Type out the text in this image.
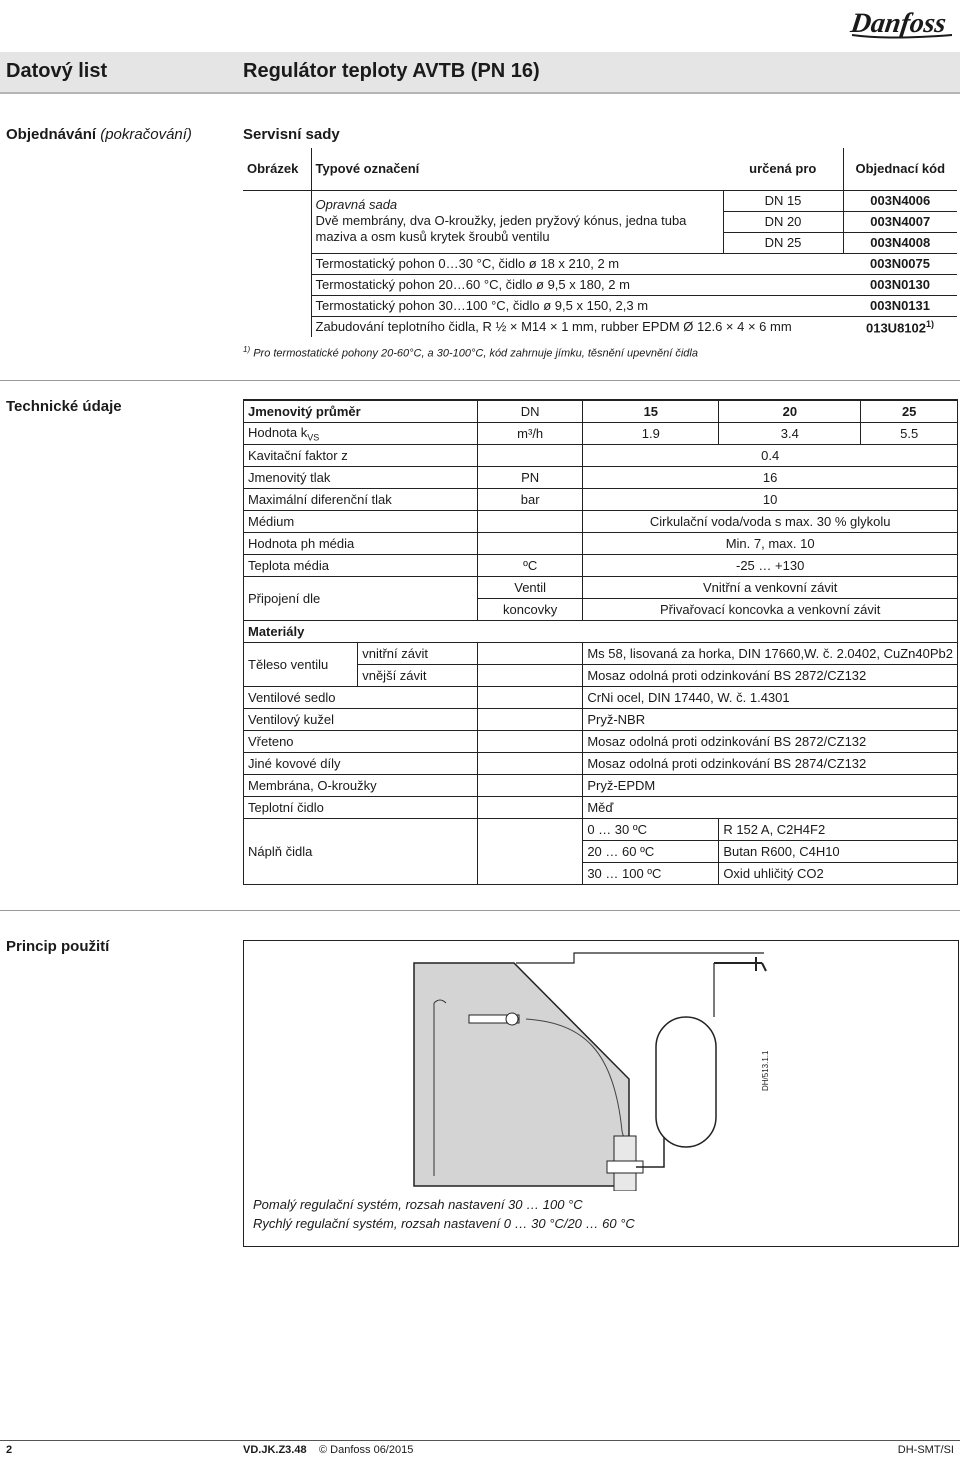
Danfoss
Datový list	Regulátor teploty AVTB (PN 16)
Objednávání (pokračování)	Servisní sady
Obrázek	Typové označení	určená pro	Objednací kód

	Opravná sada
Dvě membrány, dva O-kroužky, jeden pryžový kónus, jedna tuba
maziva a osm kusů krytek šroubů ventilu	DN 15	003N4006
		DN 20	003N4007
		DN 25	003N4008
	Termostatický pohon 0…30 °C, čidlo ø 18 x 210, 2 m		003N0075
	Termostatický pohon 20…60 °C, čidlo ø 9,5 x 180, 2 m		003N0130
	Termostatický pohon 30…100 °C, čidlo ø 9,5 x 150, 2,3 m		003N0131
	Zabudování teplotního čidla, R ½ × M14 × 1 mm, rubber EPDM Ø 12.6 × 4 × 6 mm		013U8102$^{1)}$
$^{1)}$ Pro termostatické pohony 20-60°C, a 30-100°C, kód zahrnuje jímku, těsnění upevnění čidla
Technické údaje	Jmenovitý průměr		DN	15	20	25
Hodnota $k_{VS}$		m³/h	1.9	3.4	5.5
Kavitační faktor z			0.4		
Jmenovitý tlak		PN	16		
Maximální diferenční tlak		bar	10		
Médium			Cirkulační voda/voda s max. 30 % glykolu		
Hodnota ph média			Min. 7, max. 10		
Teplota média		ºC	-25 … +130		
Připojení dle		Ventil	Vnitřní a venkovní závit		
		koncovky	Přivařovací koncovka a venkovní závit		
Materiály					
Těleso ventilu	vnitřní závit		Ms 58, lisovaná za horka, DIN 17660,W. č. 2.0402, CuZn40Pb2		
	vnější závit		Mosaz odolná proti odzinkování BS 2872/CZ132		
Ventilové sedlo			CrNi ocel, DIN 17440, W. č. 1.4301		
Ventilový kužel			Pryž-NBR		
Vřeteno			Mosaz odolná proti odzinkování BS 2872/CZ132		
Jiné kovové díly			Mosaz odolná proti odzinkování BS 2874/CZ132		
Membrána, O-kroužky			Pryž-EPDM		
Teplotní čidlo			Měď		
Náplň čidla			0 … 30 ºC	R 152 A, C2H4F2	
			20 … 60 ºC	Butan R600, C4H10	
			30 … 100 ºC	Oxid uhličitý CO2	
Princip použití
DH/513.1.1
Pomalý regulační systém, rozsah nastavení 30 … 100 °C
Rychlý regulační systém, rozsah nastavení 0 … 30 °C/20 … 60 °C
2	VD.JK.Z3.48 © Danfoss 06/2015	DH-SMT/SI
